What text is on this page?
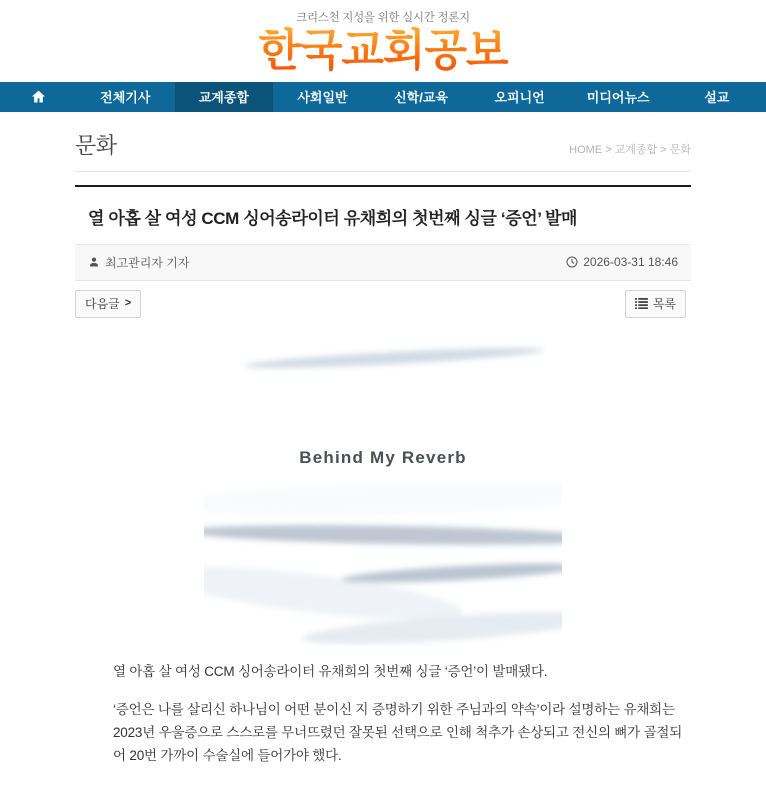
크리스천 지성을 위한 실시간 정론지
한국교회공보
전체기사	교계종합	사회일반	신학/교육	오피니언	미디어뉴스	설교
문화	HOME > 교계종합 > 문화
열 아홉 살 여성 CCM 싱어송라이터 유채희의 첫번째 싱글 ‘증언’ 발매
최고관리자 기자	2026-03-31 18:46
다음글 >	목록
Behind My Reverb

열 아홉 살 여성 CCM 싱어송라이터 유채희의 첫번째 싱글 ‘증언’이 발매됐다.

‘증언은 나를 살리신 하나님이 어떤 분이신 지 증명하기 위한 주님과의 약속’이라 설명하는 유채희는 2023년 우울증으로 스스로를 무너뜨렸던 잘못된 선택으로 인해 척추가 손상되고 전신의 뼈가 골절되어 20번 가까이 수술실에 들어가야 했다.
